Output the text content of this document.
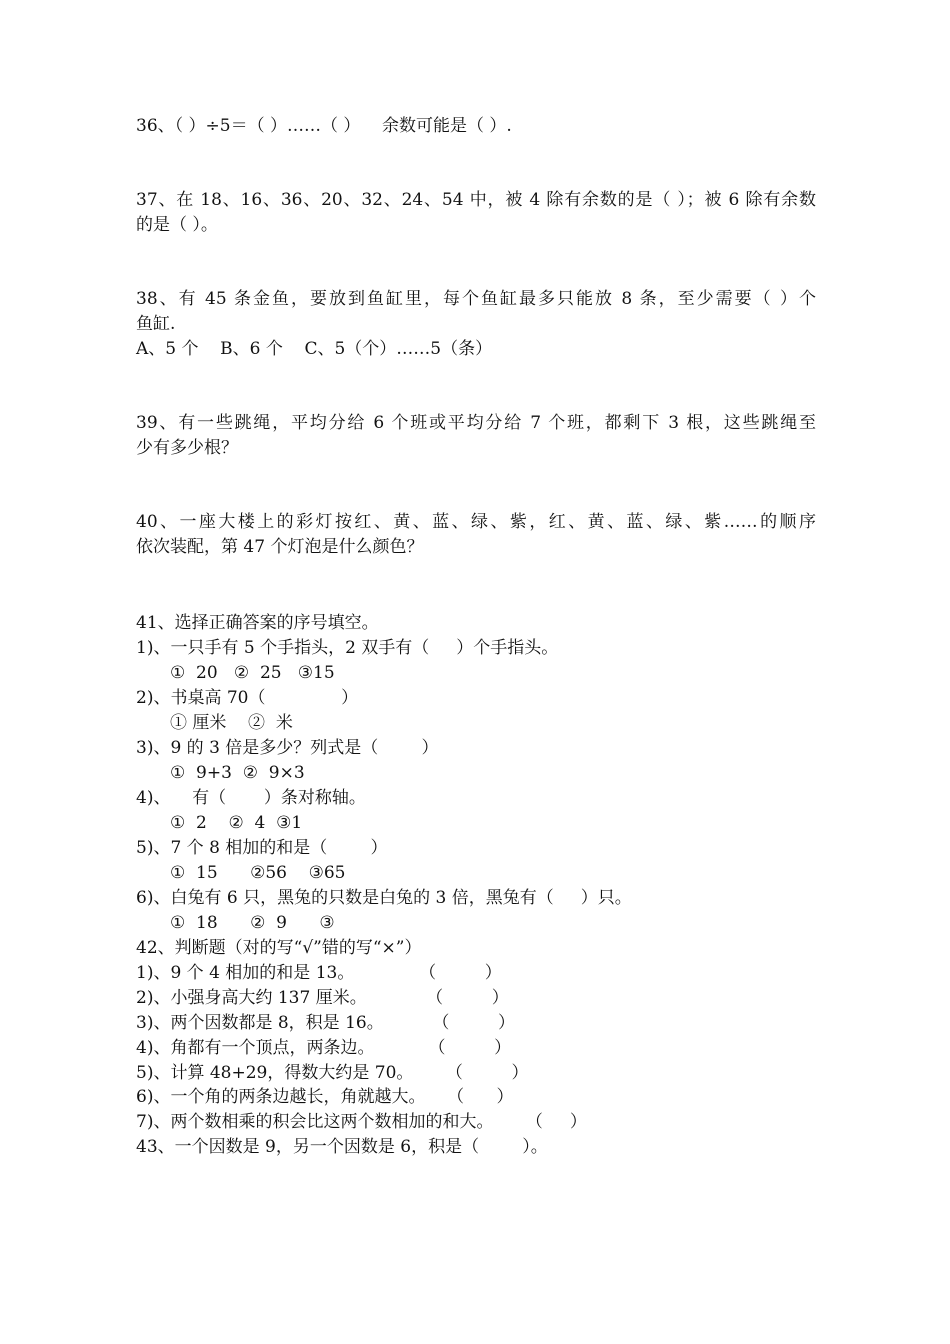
36、（ ）÷5＝（ ）……（ ）    余数可能是（ ）.
37、在 18、16、36、20、32、24、54 中，被 4 除有余数的是（ ）；被 6 除有余数
的是（ ）。
38、有 45 条金鱼，要放到鱼缸里，每个鱼缸最多只能放 8 条，至少需要（ ）个
鱼缸.
A、5 个    B、6 个    C、5（个）……5（条）
39、有一些跳绳，平均分给 6 个班或平均分给 7 个班，都剩下 3 根，这些跳绳至
少有多少根？
40、一座大楼上的彩灯按红、黄、蓝、绿、紫，红、黄、蓝、绿、紫……的顺序
依次装配，第 47 个灯泡是什么颜色？
41、选择正确答案的序号填空。
1)、一只手有 5 个手指头，2 双手有（     ）个手指头。
①  20   ②  25   ③15
2)、书桌高 70（              ）
① 厘米    ②  米
3)、9 的 3 倍是多少？列式是（        ）
①  9+3  ②  9×3
4)、    有（       ）条对称轴。
①  2    ②  4  ③1
5)、7 个 8 相加的和是（        ）
①  15      ②56    ③65
6)、白兔有 6 只，黑兔的只数是白兔的 3 倍，黑兔有（     ）只。
①  18      ②  9      ③
42、判断题（对的写“√”错的写“×”）
1)、9 个 4 相加的和是 13。            （         ）
2)、小强身高大约 137 厘米。           （         ）
3)、两个因数都是 8，积是 16。         （         ）
4)、角都有一个顶点，两条边。          （         ）
5)、计算 48+29，得数大约是 70。      （         ）
6)、一个角的两条边越长，角就越大。    （      ）
7)、两个数相乘的积会比这两个数相加的和大。      （     ）
43、一个因数是 9，另一个因数是 6，积是（        ）。
